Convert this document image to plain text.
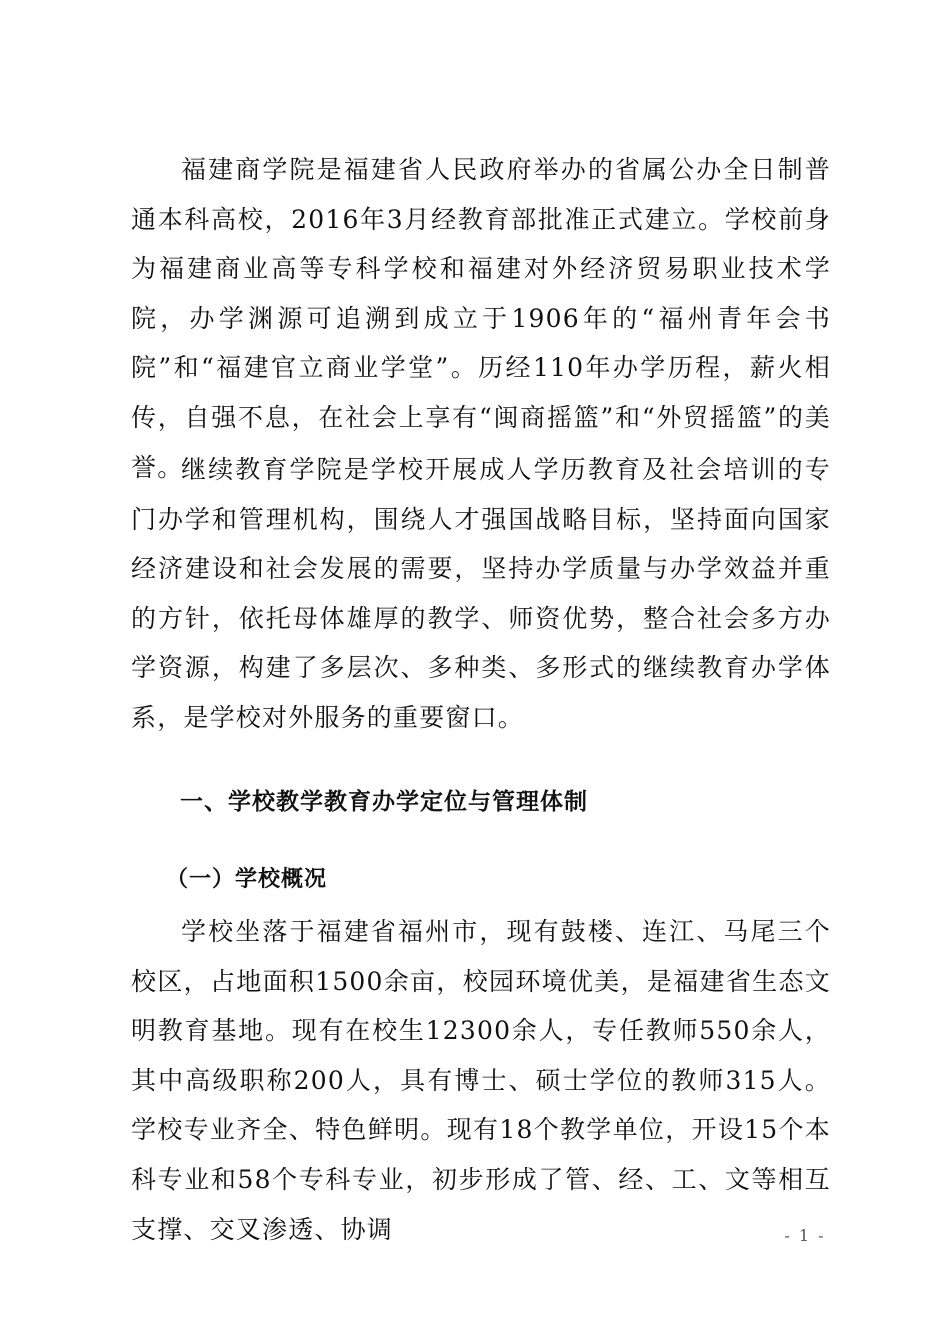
福建商学院是福建省人民政府举办的省属公办全日制普通本科高校，2016年3月经教育部批准正式建立。学校前身为福建商业高等专科学校和福建对外经济贸易职业技术学院，办学渊源可追溯到成立于1906年的“福州青年会书院”和“福建官立商业学堂”。历经110年办学历程，薪火相传，自强不息，在社会上享有“闽商摇篮”和“外贸摇篮”的美誉。

继续教育学院是学校开展成人学历教育及社会培训的专门办学和管理机构，围绕人才强国战略目标，坚持面向国家经济建设和社会发展的需要，坚持办学质量与办学效益并重的方针，依托母体雄厚的教学、师资优势，整合社会多方办学资源，构建了多层次、多种类、多形式的继续教育办学体系，是学校对外服务的重要窗口。

一、学校教学教育办学定位与管理体制
（一）学校概况

学校坐落于福建省福州市，现有鼓楼、连江、马尾三个校区，占地面积1500余亩，校园环境优美，是福建省生态文明教育基地。现有在校生12300余人，专任教师550余人，其中高级职称200人，具有博士、硕士学位的教师315人。学校专业齐全、特色鲜明。现有18个教学单位，开设15个本科专业和58个专科专业，初步形成了管、经、工、文等相互支撑、交叉渗透、协调	- 1 -
